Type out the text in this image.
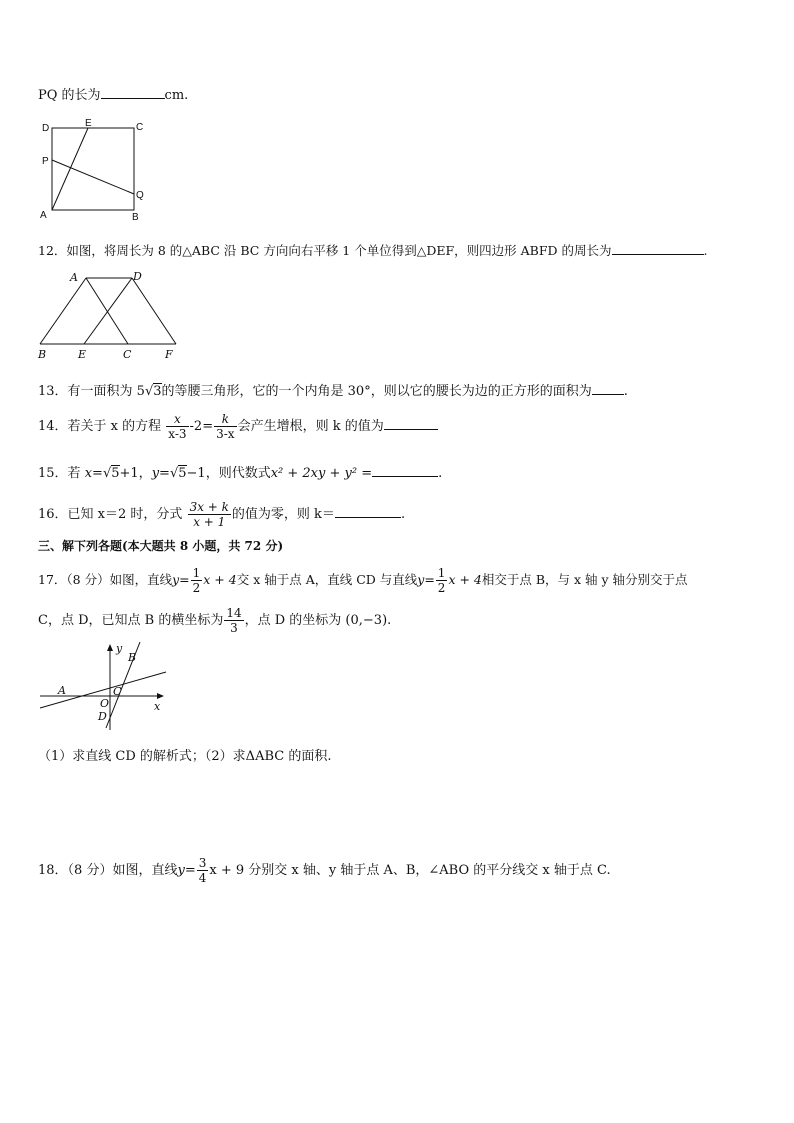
PQ 的长为	cm.
D	E	C
P
Q
A	B
12．如图，将周长为 8 的△ABC 沿 BC 方向向右平移 1 个单位得到△DEF，则四边形 ABFD 的周长为	.
A	D
B	E	C	F
13．有一面积为 5√3的等腰三角形，它的一个内角是 30°，则以它的腰长为边的正方形的面积为 .
14．若关于 x 的方程 $\frac{x}{x-3} -2= \frac{k}{3-x}$ 会产生增根，则 k 的值为
15．若 x=√5+1，y=√5−1，则代数式x² + 2xy + y² =	.
16．已知 x＝2 时，分式 $\frac{3x + k}{x + 1}$ 的值为零，则 k＝	.
三、解下列各题(本大题共 8 小题，共 72 分)
17．（8 分）如图，直线$y= \frac{1}{2}$ x + 4交 x 轴于点 A，直线 CD 与直线$y= \frac{1}{2}$ x + 4相交于点 B，与 x 轴 y 轴分别交于点
C，点 D，已知点 B 的横坐标为 $\frac{14}{3}$ ，点 D 的坐标为 (0,−3).
y
B
A	C
O	x
D
（1）求直线 CD 的解析式；（2）求ΔABC 的面积.
18．（8 分）如图，直线$y= \frac{3}{4}$ x + 9 分别交 x 轴、y 轴于点 A、B，∠ABO 的平分线交 x 轴于点 C.
